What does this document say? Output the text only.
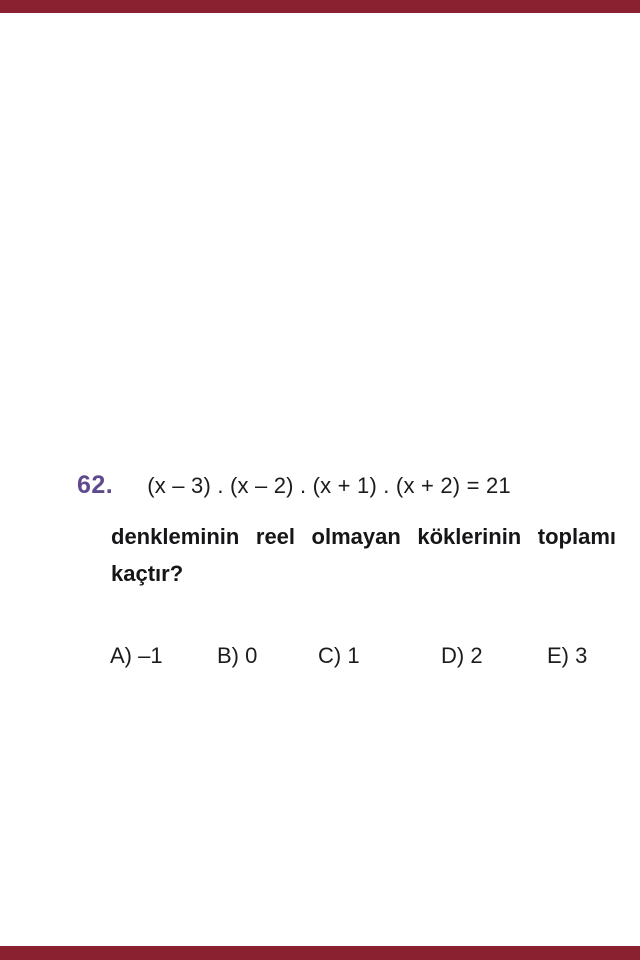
62. (x – 3) . (x – 2) . (x + 1) . (x + 2) = 21
denkleminin reel olmayan köklerinin toplamı
kaçtır?
A) –1 B) 0	C) 1	D) 2	E) 3
